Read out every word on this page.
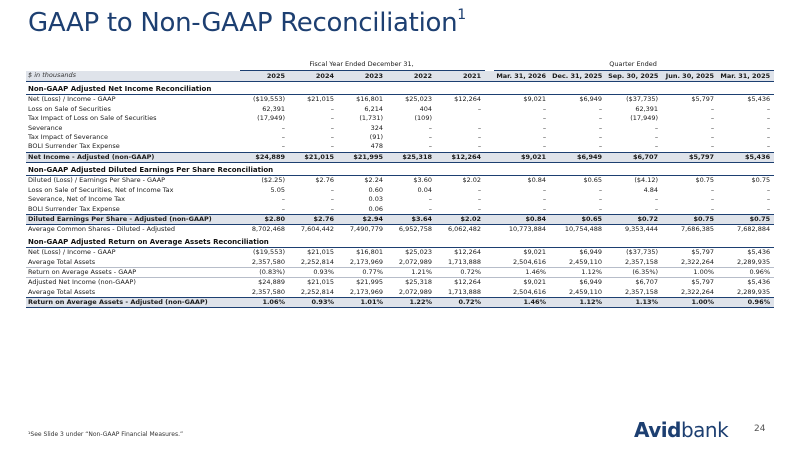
GAAP to Non-GAAP Reconciliation$^1$
	Fiscal Year Ended December 31,						Quarter Ended				
$ in thousands	2025	2024	2023	2022	2021		Mar. 31, 2026	Dec. 31, 2025	Sep. 30, 2025	Jun. 30, 2025	Mar. 31, 2025
Non-GAAP Adjusted Net Income Reconciliation											
Net (Loss) / Income - GAAP	($19,553)	$21,015	$16,801	$25,023	$12,264		$9,021	$6,949	($37,735)	$5,797	$5,436
Loss on Sale of Securities	62,391	–	6,214	404	–		–	–	62,391	–	–
Tax Impact of Loss on Sale of Securities	(17,949)	–	(1,731)	(109)			–	–	(17,949)	–	–
Severance	–	–	324	–	–		–	–	–	–	–
Tax Impact of Severance	–	–	(91)	–	–		–	–	–	–	–
BOLI Surrender Tax Expense	–	–	478	–	–		–	–	–	–	–
Net Income - Adjusted (non-GAAP)	$24,889	$21,015	$21,995	$25,318	$12,264		$9,021	$6,949	$6,707	$5,797	$5,436
Non-GAAP Adjusted Diluted Earnings Per Share Reconciliation											
Diluted (Loss) / Earnings Per Share - GAAP	($2.25)	$2.76	$2.24	$3.60	$2.02		$0.84	$0.65	($4.12)	$0.75	$0.75
Loss on Sale of Securities, Net of Income Tax	5.05	–	0.60	0.04	–		–	–	4.84	–	–
Severance, Net of Income Tax	–	–	0.03	–	–		–	–	–	–	–
BOLI Surrender Tax Expense	–	–	0.06	–	–		–	–	–	–	–
Diluted Earnings Per Share - Adjusted (non-GAAP)	$2.80	$2.76	$2.94	$3.64	$2.02		$0.84	$0.65	$0.72	$0.75	$0.75
Average Common Shares - Diluted - Adjusted	8,702,468	7,604,442	7,490,779	6,952,758	6,062,482		10,773,884	10,754,488	9,353,444	7,686,385	7,682,884
Non-GAAP Adjusted Return on Average Assets Reconciliation											
Net (Loss) / Income - GAAP	($19,553)	$21,015	$16,801	$25,023	$12,264		$9,021	$6,949	($37,735)	$5,797	$5,436
Average Total Assets	2,357,580	2,252,814	2,173,969	2,072,989	1,713,888		2,504,616	2,459,110	2,357,158	2,322,264	2,289,935
Return on Average Assets - GAAP	(0.83%)	0.93%	0.77%	1.21%	0.72%		1.46%	1.12%	(6.35%)	1.00%	0.96%
Adjusted Net Income (non-GAAP)	$24,889	$21,015	$21,995	$25,318	$12,264		$9,021	$6,949	$6,707	$5,797	$5,436
Average Total Assets	2,357,580	2,252,814	2,173,969	2,072,989	1,713,888		2,504,616	2,459,110	2,357,158	2,322,264	2,289,935
Return on Average Assets - Adjusted (non-GAAP)	1.06%	0.93%	1.01%	1.22%	0.72%		1.46%	1.12%	1.13%	1.00%	0.96%
¹See Slide 3 under “Non-GAAP Financial Measures.”	Avidbank	24
